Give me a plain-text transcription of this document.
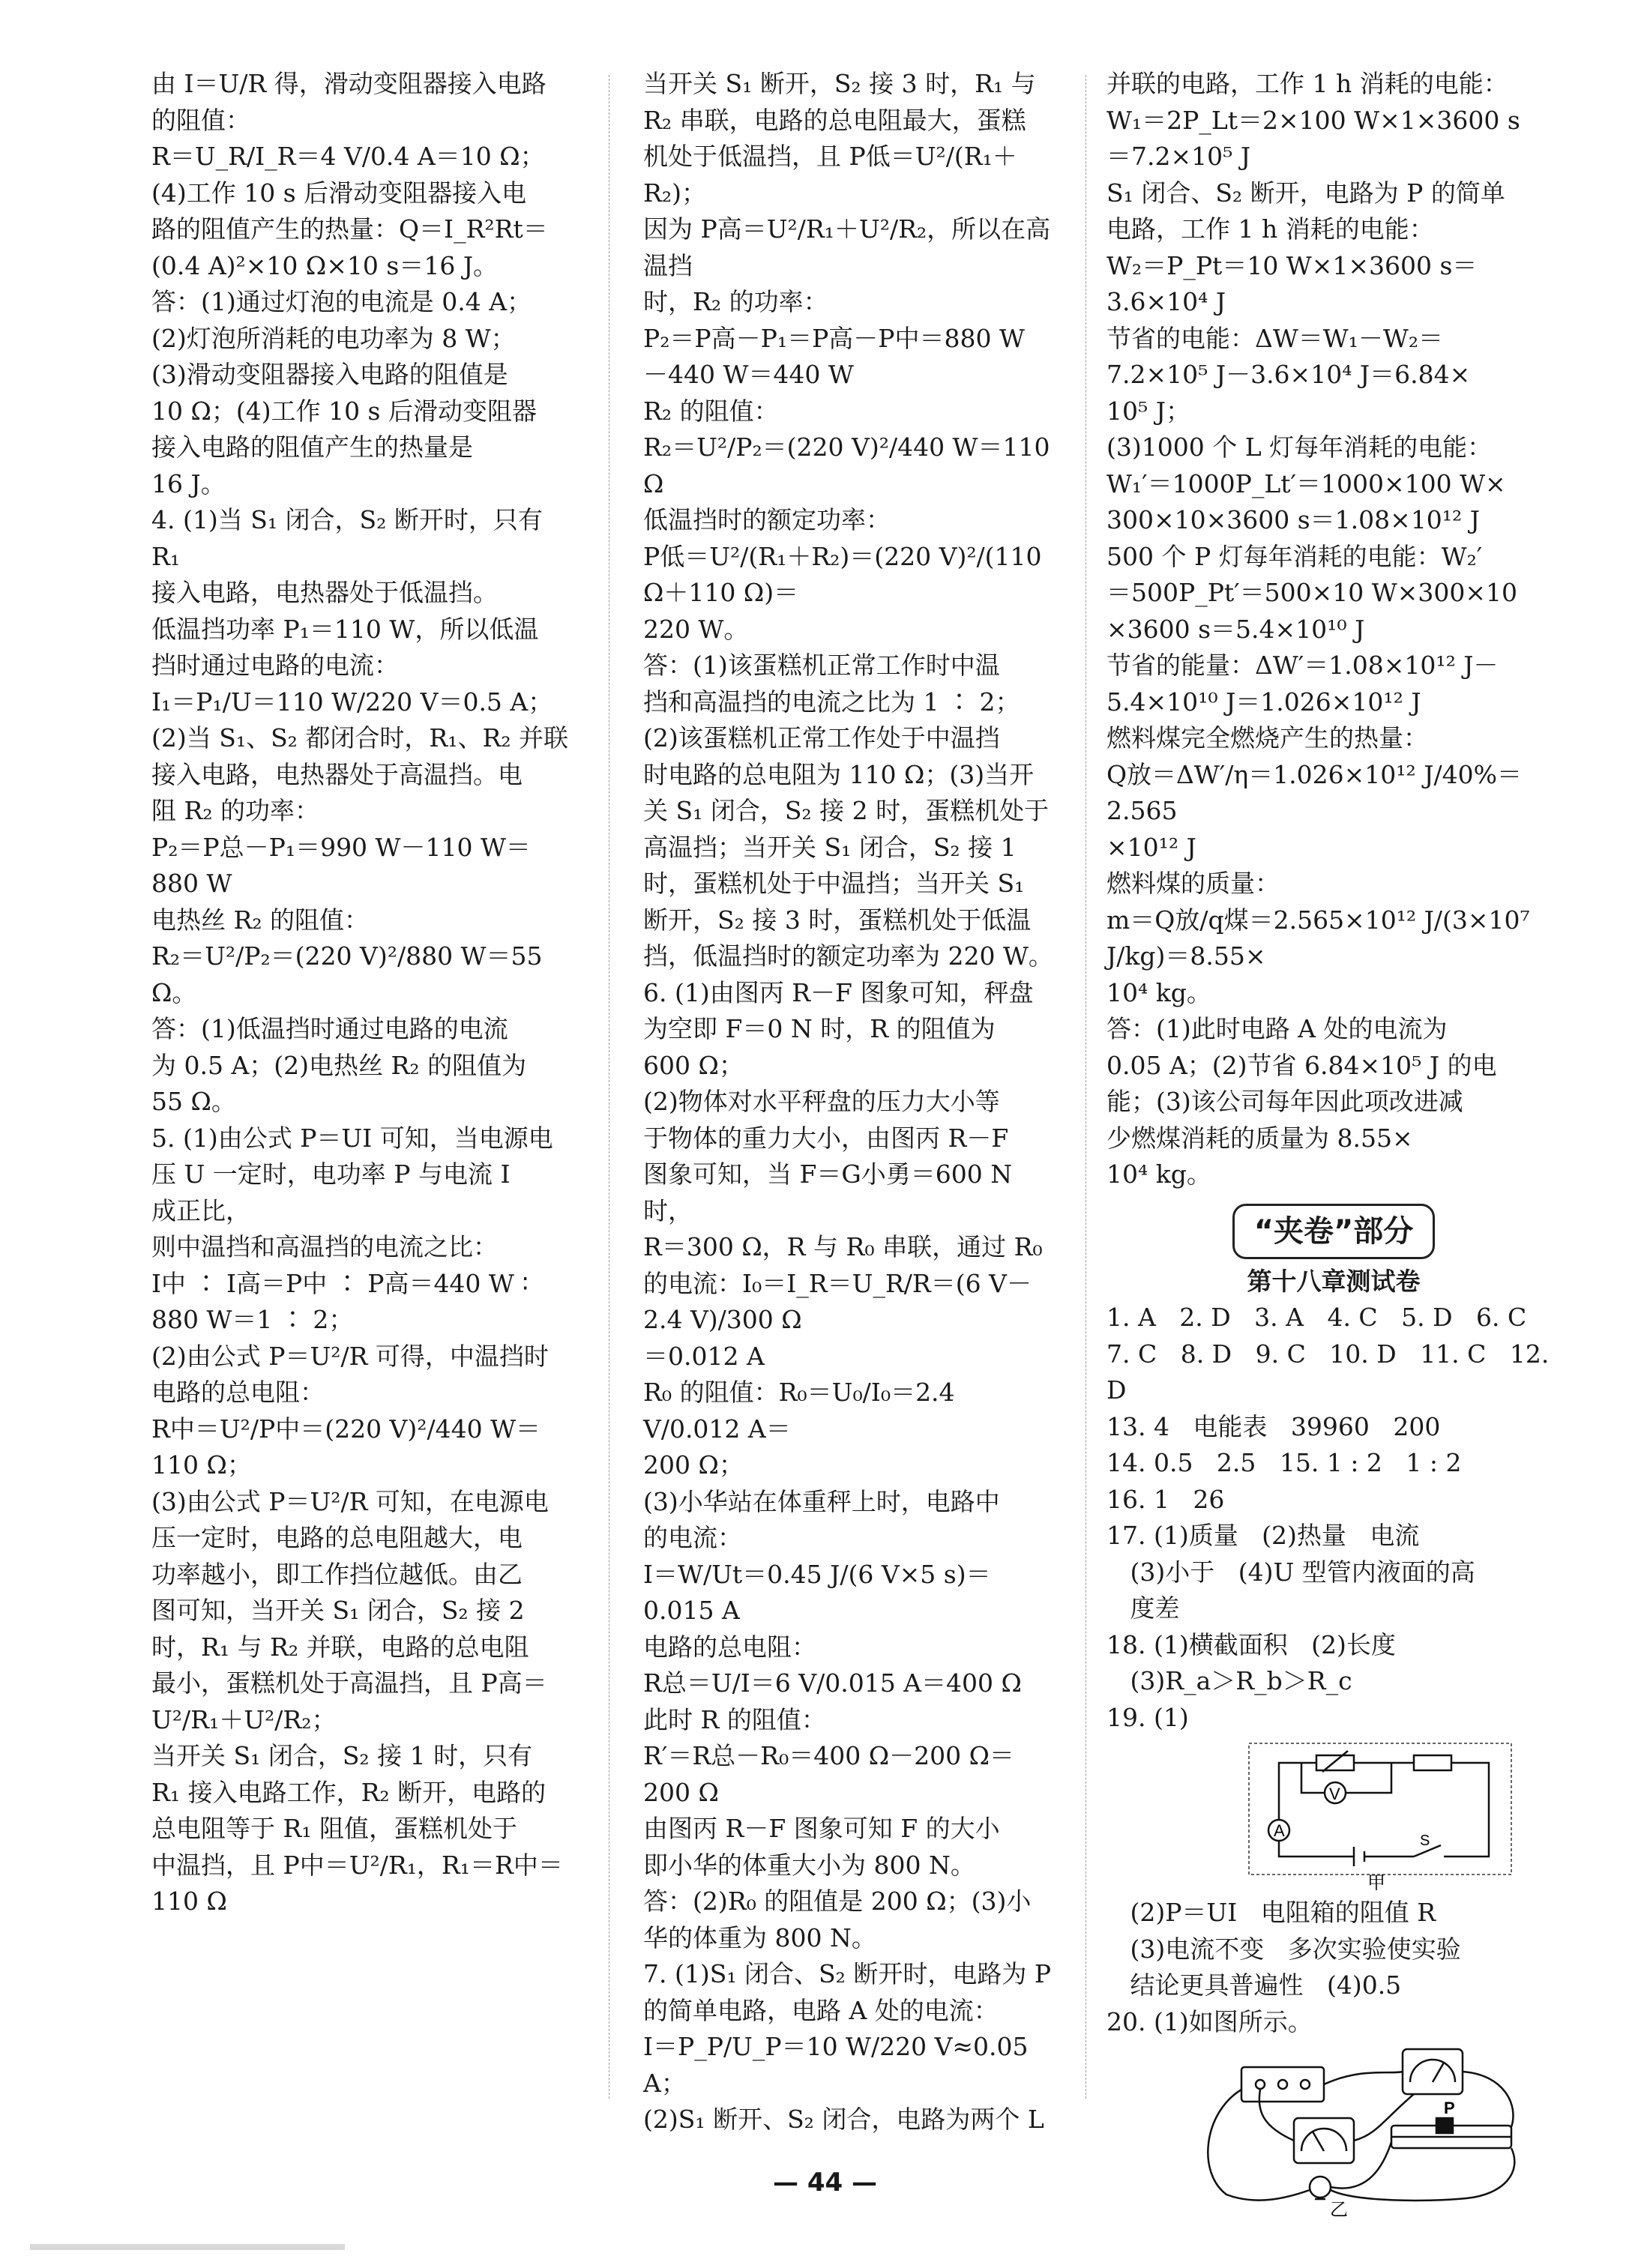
由 I＝U/R 得，滑动变阻器接入电路

的阻值：

R＝U_R/I_R＝4 V/0.4 A＝10 Ω；

(4)工作 10 s 后滑动变阻器接入电

路的阻值产生的热量：Q＝I_R²Rt＝

(0.4 A)²×10 Ω×10 s＝16 J。

答：(1)通过灯泡的电流是 0.4 A；

(2)灯泡所消耗的电功率为 8 W；

(3)滑动变阻器接入电路的阻值是

10 Ω；(4)工作 10 s 后滑动变阻器

接入电路的阻值产生的热量是

16 J。

4. (1)当 S₁ 闭合，S₂ 断开时，只有 R₁

接入电路，电热器处于低温挡。

低温挡功率 P₁＝110 W，所以低温

挡时通过电路的电流：

I₁＝P₁/U＝110 W/220 V＝0.5 A；

(2)当 S₁、S₂ 都闭合时，R₁、R₂ 并联

接入电路，电热器处于高温挡。电

阻 R₂ 的功率：

P₂＝P总－P₁＝990 W－110 W＝

880 W

电热丝 R₂ 的阻值：

R₂＝U²/P₂＝(220 V)²/880 W＝55 Ω。

答：(1)低温挡时通过电路的电流

为 0.5 A；(2)电热丝 R₂ 的阻值为

55 Ω。

5. (1)由公式 P＝UI 可知，当电源电

压 U 一定时，电功率 P 与电流 I

成正比，

则中温挡和高温挡的电流之比：

I中 ∶ I高＝P中 ∶ P高＝440 W ∶

880 W＝1 ∶ 2；

(2)由公式 P＝U²/R 可得，中温挡时

电路的总电阻：

R中＝U²/P中＝(220 V)²/440 W＝110 Ω；

(3)由公式 P＝U²/R 可知，在电源电

压一定时，电路的总电阻越大，电

功率越小，即工作挡位越低。由乙

图可知，当开关 S₁ 闭合，S₂ 接 2

时，R₁ 与 R₂ 并联，电路的总电阻

最小，蛋糕机处于高温挡，且 P高＝

U²/R₁＋U²/R₂；

当开关 S₁ 闭合，S₂ 接 1 时，只有

R₁ 接入电路工作，R₂ 断开，电路的

总电阻等于 R₁ 阻值，蛋糕机处于

中温挡，且 P中＝U²/R₁，R₁＝R中＝

110 Ω

当开关 S₁ 断开，S₂ 接 3 时，R₁ 与

R₂ 串联，电路的总电阻最大，蛋糕

机处于低温挡，且 P低＝U²/(R₁＋R₂)；

因为 P高＝U²/R₁＋U²/R₂，所以在高温挡

时，R₂ 的功率：

P₂＝P高－P₁＝P高－P中＝880 W

－440 W＝440 W

R₂ 的阻值：

R₂＝U²/P₂＝(220 V)²/440 W＝110 Ω

低温挡时的额定功率：

P低＝U²/(R₁＋R₂)＝(220 V)²/(110 Ω＋110 Ω)＝

220 W。

答：(1)该蛋糕机正常工作时中温

挡和高温挡的电流之比为 1 ∶ 2；

(2)该蛋糕机正常工作处于中温挡

时电路的总电阻为 110 Ω；(3)当开

关 S₁ 闭合，S₂ 接 2 时，蛋糕机处于

高温挡；当开关 S₁ 闭合，S₂ 接 1

时，蛋糕机处于中温挡；当开关 S₁

断开，S₂ 接 3 时，蛋糕机处于低温

挡，低温挡时的额定功率为 220 W。

6. (1)由图丙 R－F 图象可知，秤盘

为空即 F＝0 N 时，R 的阻值为

600 Ω；

(2)物体对水平秤盘的压力大小等

于物体的重力大小，由图丙 R－F

图象可知，当 F＝G小勇＝600 N 时，

R＝300 Ω，R 与 R₀ 串联，通过 R₀

的电流：I₀＝I_R＝U_R/R＝(6 V－2.4 V)/300 Ω

＝0.012 A

R₀ 的阻值：R₀＝U₀/I₀＝2.4 V/0.012 A＝

200 Ω；

(3)小华站在体重秤上时，电路中

的电流：

I＝W/Ut＝0.45 J/(6 V×5 s)＝0.015 A

电路的总电阻：

R总＝U/I＝6 V/0.015 A＝400 Ω

此时 R 的阻值：

R′＝R总－R₀＝400 Ω－200 Ω＝

200 Ω

由图丙 R－F 图象可知 F 的大小

即小华的体重大小为 800 N。

答：(2)R₀ 的阻值是 200 Ω；(3)小

华的体重为 800 N。

7. (1)S₁ 闭合、S₂ 断开时，电路为 P

的简单电路，电路 A 处的电流：

I＝P_P/U_P＝10 W/220 V≈0.05 A；

(2)S₁ 断开、S₂ 闭合，电路为两个 L

并联的电路，工作 1 h 消耗的电能：

W₁＝2P_Lt＝2×100 W×1×3600 s

＝7.2×10⁵ J

S₁ 闭合、S₂ 断开，电路为 P 的简单

电路，工作 1 h 消耗的电能：

W₂＝P_Pt＝10 W×1×3600 s＝

3.6×10⁴ J

节省的电能：ΔW＝W₁－W₂＝

7.2×10⁵ J－3.6×10⁴ J＝6.84×

10⁵ J；

(3)1000 个 L 灯每年消耗的电能：

W₁′＝1000P_Lt′＝1000×100 W×

300×10×3600 s＝1.08×10¹² J

500 个 P 灯每年消耗的电能：W₂′

＝500P_Pt′＝500×10 W×300×10

×3600 s＝5.4×10¹⁰ J

节省的能量：ΔW′＝1.08×10¹² J－

5.4×10¹⁰ J＝1.026×10¹² J

燃料煤完全燃烧产生的热量：

Q放＝ΔW′/η＝1.026×10¹² J/40%＝2.565

×10¹² J

燃料煤的质量：

m＝Q放/q煤＝2.565×10¹² J/(3×10⁷ J/kg)＝8.55×

10⁴ kg。

答：(1)此时电路 A 处的电流为

0.05 A；(2)节省 6.84×10⁵ J 的电

能；(3)该公司每年因此项改进减

少燃煤消耗的质量为 8.55×

10⁴ kg。

“夹卷”部分

第十八章测试卷

1. A   2. D   3. A   4. C   5. D   6. C

7. C   8. D   9. C   10. D   11. C   12. D

13. 4   电能表   39960   200

14. 0.5   2.5   15. 1 : 2   1 : 2

16. 1   26

17. (1)质量   (2)热量   电流

(3)小于   (4)U 型管内液面的高

度差

18. (1)横截面积   (2)长度

(3)R_a＞R_b＞R_c

19. (1)

V
A
S
甲

(2)P＝UI   电阻箱的阻值 R

(3)电流不变   多次实验使实验

结论更具普遍性   (4)0.5

20. (1)如图所示。

P
乙
— 44 —
